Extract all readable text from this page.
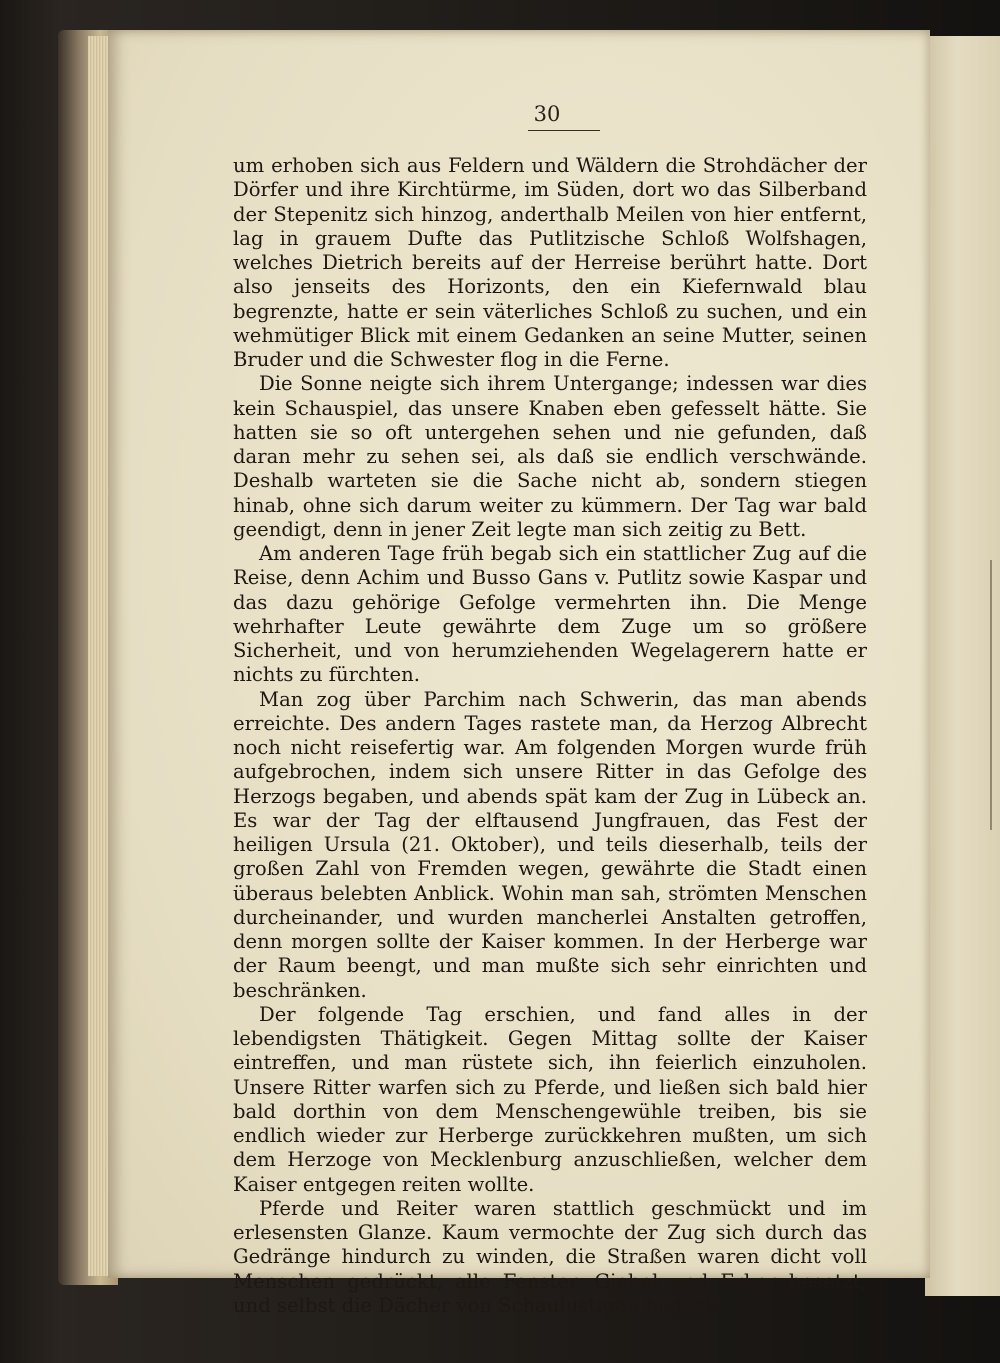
30

um erhoben sich aus Feldern und Wäldern die Strohdächer der Dörfer und ihre Kirchtürme, im Süden, dort wo das Silberband der Stepenitz sich hinzog, anderthalb Meilen von hier entfernt, lag in grauem Dufte das Putlitzische Schloß Wolfshagen, welches Dietrich bereits auf der Herreise berührt hatte. Dort also jenseits des Horizonts, den ein Kiefernwald blau begrenzte, hatte er sein väterliches Schloß zu suchen, und ein wehmütiger Blick mit einem Gedanken an seine Mutter, seinen Bruder und die Schwester flog in die Ferne.

Die Sonne neigte sich ihrem Untergange; indessen war dies kein Schauspiel, das unsere Knaben eben gefesselt hätte. Sie hatten sie so oft untergehen sehen und nie gefunden, daß daran mehr zu sehen sei, als daß sie endlich verschwände. Deshalb warteten sie die Sache nicht ab, sondern stiegen hinab, ohne sich darum weiter zu kümmern. Der Tag war bald geendigt, denn in jener Zeit legte man sich zeitig zu Bett.

Am anderen Tage früh begab sich ein stattlicher Zug auf die Reise, denn Achim und Busso Gans v. Putlitz sowie Kaspar und das dazu gehörige Gefolge vermehrten ihn. Die Menge wehrhafter Leute gewährte dem Zuge um so größere Sicherheit, und von herumziehenden Wegelagerern hatte er nichts zu fürchten.

Man zog über Parchim nach Schwerin, das man abends erreichte. Des andern Tages rastete man, da Herzog Albrecht noch nicht reisefertig war. Am folgenden Morgen wurde früh aufgebrochen, indem sich unsere Ritter in das Gefolge des Herzogs begaben, und abends spät kam der Zug in Lübeck an. Es war der Tag der elftausend Jungfrauen, das Fest der heiligen Ursula (21. Oktober), und teils dieserhalb, teils der großen Zahl von Fremden wegen, gewährte die Stadt einen überaus belebten Anblick. Wohin man sah, strömten Menschen durcheinander, und wurden mancherlei Anstalten getroffen, denn morgen sollte der Kaiser kommen. In der Herberge war der Raum beengt, und man mußte sich sehr einrichten und beschränken.

Der folgende Tag erschien, und fand alles in der lebendigsten Thätigkeit. Gegen Mittag sollte der Kaiser eintreffen, und man rüstete sich, ihn feierlich einzuholen. Unsere Ritter warfen sich zu Pferde, und ließen sich bald hier bald dorthin von dem Menschengewühle treiben, bis sie endlich wieder zur Herberge zurückkehren mußten, um sich dem Herzoge von Mecklenburg anzuschließen, welcher dem Kaiser entgegen reiten wollte.

Pferde und Reiter waren stattlich geschmückt und im erlesensten Glanze. Kaum vermochte der Zug sich durch das Gedränge hindurch zu winden, die Straßen waren dicht voll Menschen gedrückt, alle Fenster, Giebel und Erker besetzt, und selbst die Dächer von Schaulustigen bedeckt.
